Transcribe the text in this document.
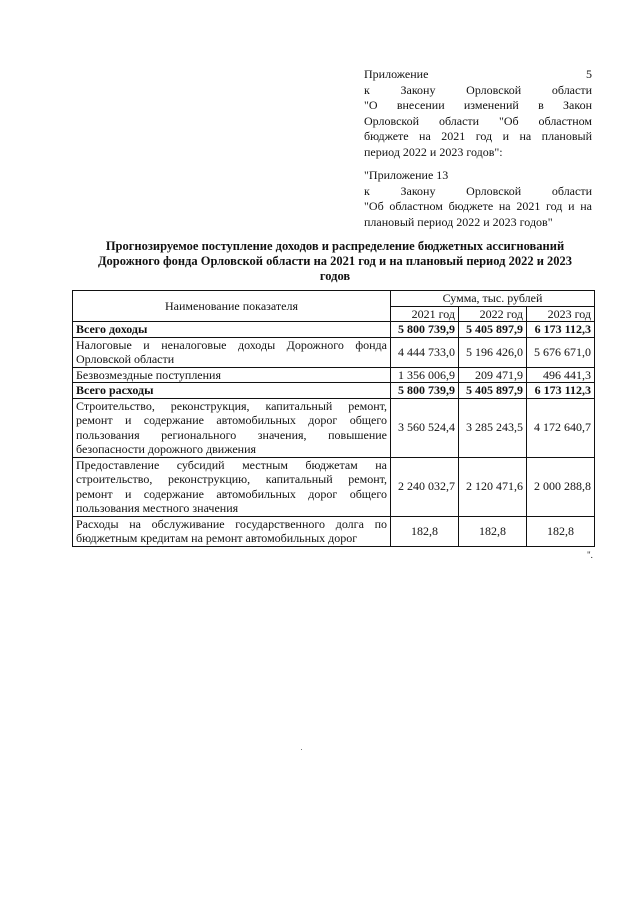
Приложение 5
к Закону Орловской области
"О внесении изменений в Закон
Орловской области "Об областном
бюджете на 2021 год и на плановый
период 2022 и 2023 годов":
"Приложение 13
к Закону Орловской области
"Об областном бюджете на 2021 год и на
плановый период 2022 и 2023 годов"
Прогнозируемое поступление доходов и распределение бюджетных ассигнований
Дорожного фонда Орловской области на 2021 год и на плановый период 2022 и 2023
годов
Наименование показателя	Сумма, тыс. рублей		
	2021 год	2022 год	2023 год
Всего доходы	5 800 739,9	5 405 897,9	6 173 112,3
Налоговые и неналоговые доходы Дорожного фонда Орловской области	4 444 733,0	5 196 426,0	5 676 671,0
Безвозмездные поступления	1 356 006,9	209 471,9	496 441,3
Всего расходы	5 800 739,9	5 405 897,9	6 173 112,3
Строительство, реконструкция, капитальный ремонт, ремонт и содержание автомобильных дорог общего пользования регионального значения, повышение безопасности дорожного движения	3 560 524,4	3 285 243,5	4 172 640,7
Предоставление субсидий местным бюджетам на строительство, реконструкцию, капитальный ремонт, ремонт и содержание автомобильных дорог общего пользования местного значения	2 240 032,7	2 120 471,6	2 000 288,8
Расходы на обслуживание государственного долга по бюджетным кредитам на ремонт автомобильных дорог	182,8	182,8	182,8
".
